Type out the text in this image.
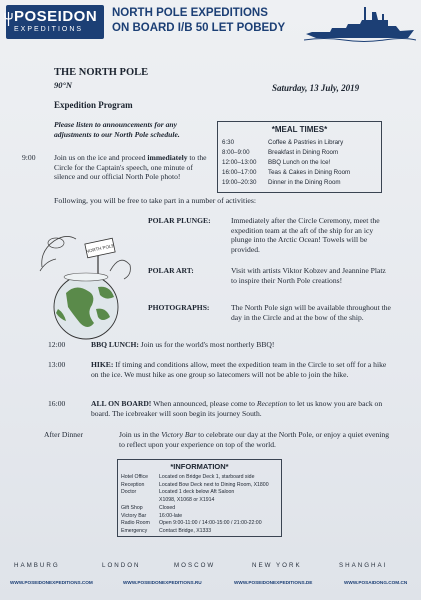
POSEIDON
EXPEDITIONS
NORTH POLE EXPEDITIONS
ON BOARD I/B 50 LET POBEDY
THE NORTH POLE
90°N	Saturday, 13 July, 2019
Expedition Program
Please listen to announcements for any adjustments to our North Pole schedule.	*MEAL TIMES*
6:30	Coffee & Pastries in Library
8:00–9:00	Breakfast in Dining Room
12:00–13:00 BBQ Lunch on the Ice!
16:00–17:00 Teas & Cakes in Dining Room
19:00–20:30 Dinner in the Dining Room
9:00 Join us on the ice and proceed immediately to the Circle for the Captain's speech, one minute of silence and our official North Pole photo!
Following, you will be free to take part in a number of activities:
NORTH POLE
POLAR PLUNGE:	Immediately after the Circle Ceremony, meet the expedition team at the aft of the ship for an icy plunge into the Arctic Ocean! Towels will be provided.
POLAR ART:	Visit with artists Viktor Kobzev and Jeannine Platz to inspire their North Pole creations!
PHOTOGRAPHS:	The North Pole sign will be available throughout the day in the Circle and at the bow of the ship.
12:00	BBQ LUNCH: Join us for the world's most northerly BBQ!
13:00	HIKE: If timing and conditions allow, meet the expedition team in the Circle to set off for a hike on the ice. We must hike as one group so latecomers will not be able to join the hike.
16:00	ALL ON BOARD! When announced, please come to Reception to let us know you are back on board. The icebreaker will soon begin its journey South.
After Dinner	Join us in the Victory Bar to celebrate our day at the North Pole, or enjoy a quiet evening to reflect upon your experience on top of the world.
*INFORMATION*
Hotel Office Located on Bridge Deck 1, starboard side
Reception	Located Bow Deck next to Dining Room, X1800
Doctor	Located 1 deck below Aft Saloon
X1098, X1068 or X1914
Gift Shop	Closed
Victory Bar 16:00-late
Radio Room Open 9:00-11:00 / 14:00-15:00 / 21:00-22:00
Emergency Contact Bridge, X1333
HAMBURG	LONDON	MOSCOW	NEW YORK	SHANGHAI
WWW.POSEIDONEXPEDITIONS.COM	WWW.POSEIDONEXPEDITIONS.RU	WWW.POSEIDONEXPEDITIONS.DE	WWW.POSAIDONG.COM.CN
